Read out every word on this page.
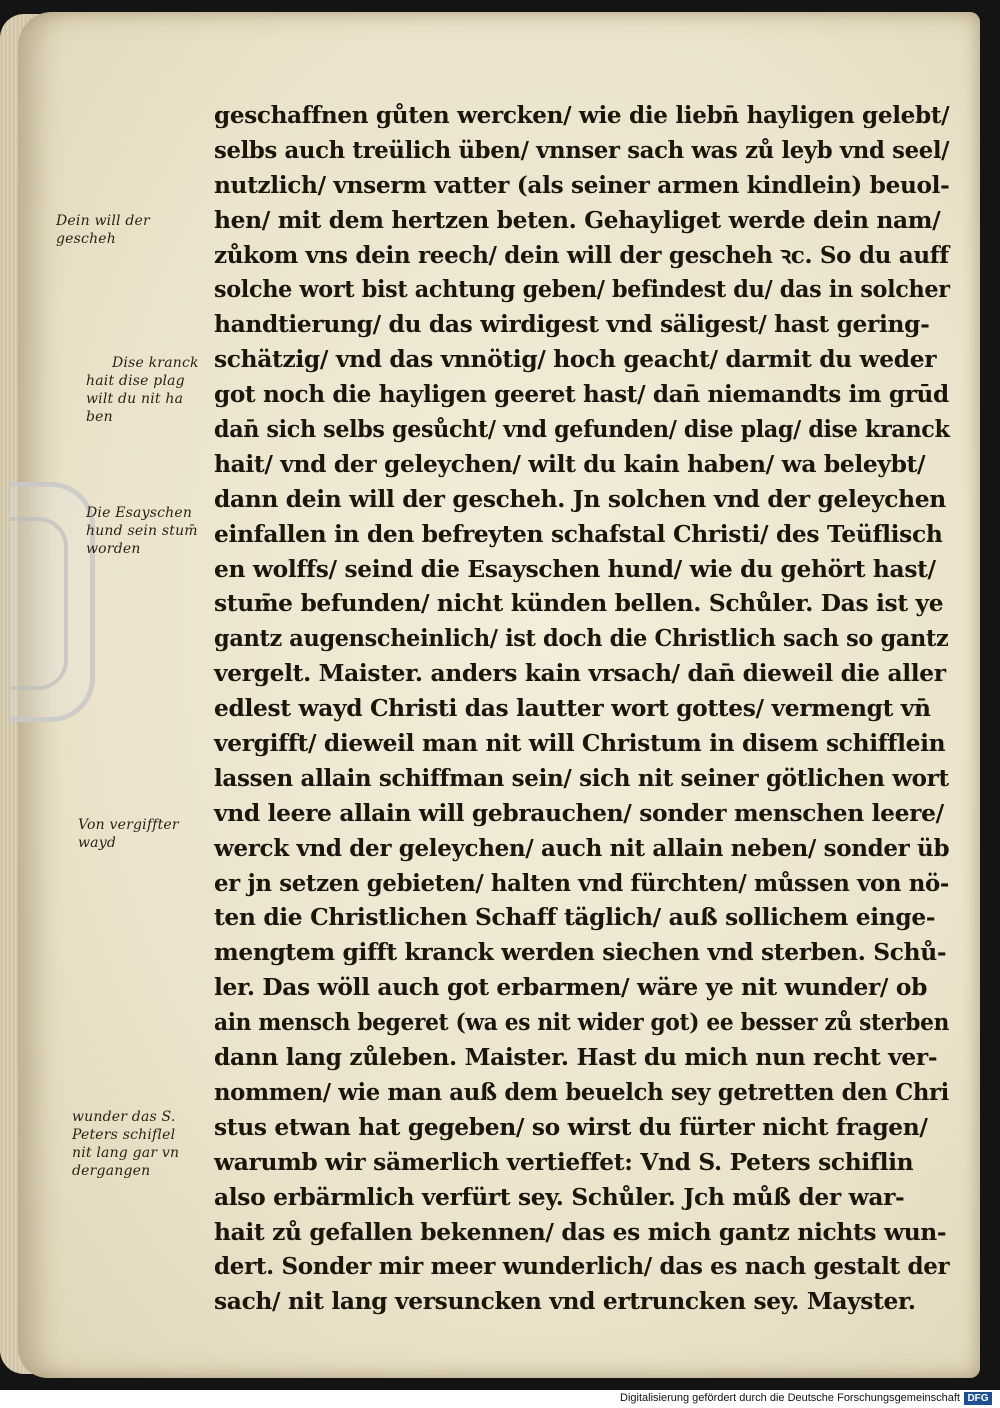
Dein will der
gescheh
Dise kranck
hait dise plag
wilt du nit ha
ben
Die Esayschen
hund sein stum̄
worden
Von vergiffter
wayd
wunder das S.
Peters schiflel
nit lang gar vn
dergangen
geschaffnen gůten wercken/ wie die liebn̄ hayligen gelebt/
selbs auch treülich üben/ vnnser sach was zů leyb vnd seel/
nutzlich/ vnserm vatter (als seiner armen kindlein) beuol-
hen/ mit dem hertzen beten. Gehayliget werde dein nam/
zůkom vns dein reech/ dein will der gescheh ꝛc. So du auff
solche wort bist achtung geben/ befindest du/ das in solcher
handtierung/ du das wirdigest vnd säligest/ hast gering-
schätzig/ vnd das vnnötig/ hoch geacht/ darmit du weder
got noch die hayligen geeret hast/ dan̄ niemandts im grūd
dan̄ sich selbs gesůcht/ vnd gefunden/ dise plag/ dise kranck
hait/ vnd der geleychen/ wilt du kain haben/ wa beleybt/
dann dein will der gescheh. Jn solchen vnd der geleychen
einfallen in den befreyten schafstal Christi/ des Teüflisch
en wolffs/ seind die Esayschen hund/ wie du gehört hast/
stum̄e befunden/ nicht künden bellen. Schůler. Das ist ye
gantz augenscheinlich/ ist doch die Christlich sach so gantz
vergelt. Maister. anders kain vrsach/ dan̄ dieweil die aller
edlest wayd Christi das lautter wort gottes/ vermengt vn̄
vergifft/ dieweil man nit will Christum in disem schifflein
lassen allain schiffman sein/ sich nit seiner götlichen wort
vnd leere allain will gebrauchen/ sonder menschen leere/
werck vnd der geleychen/ auch nit allain neben/ sonder üb
er jn setzen gebieten/ halten vnd fürchten/ můssen von nö-
ten die Christlichen Schaff täglich/ auß sollichem einge-
mengtem gifft kranck werden siechen vnd sterben. Schů-
ler. Das wöll auch got erbarmen/ wäre ye nit wunder/ ob
ain mensch begeret (wa es nit wider got) ee besser zů sterben
dann lang zůleben. Maister. Hast du mich nun recht ver-
nommen/ wie man auß dem beuelch sey getretten den Chri
stus etwan hat gegeben/ so wirst du fürter nicht fragen/
warumb wir sämerlich vertieffet: Vnd S. Peters schiflin
also erbärmlich verfürt sey. Schůler. Jch můß der war-
hait zů gefallen bekennen/ das es mich gantz nichts wun-
dert. Sonder mir meer wunderlich/ das es nach gestalt der
sach/ nit lang versuncken vnd ertruncken sey. Mayster.
Digitalisierung gefördert durch die Deutsche Forschungsgemeinschaft DFG
